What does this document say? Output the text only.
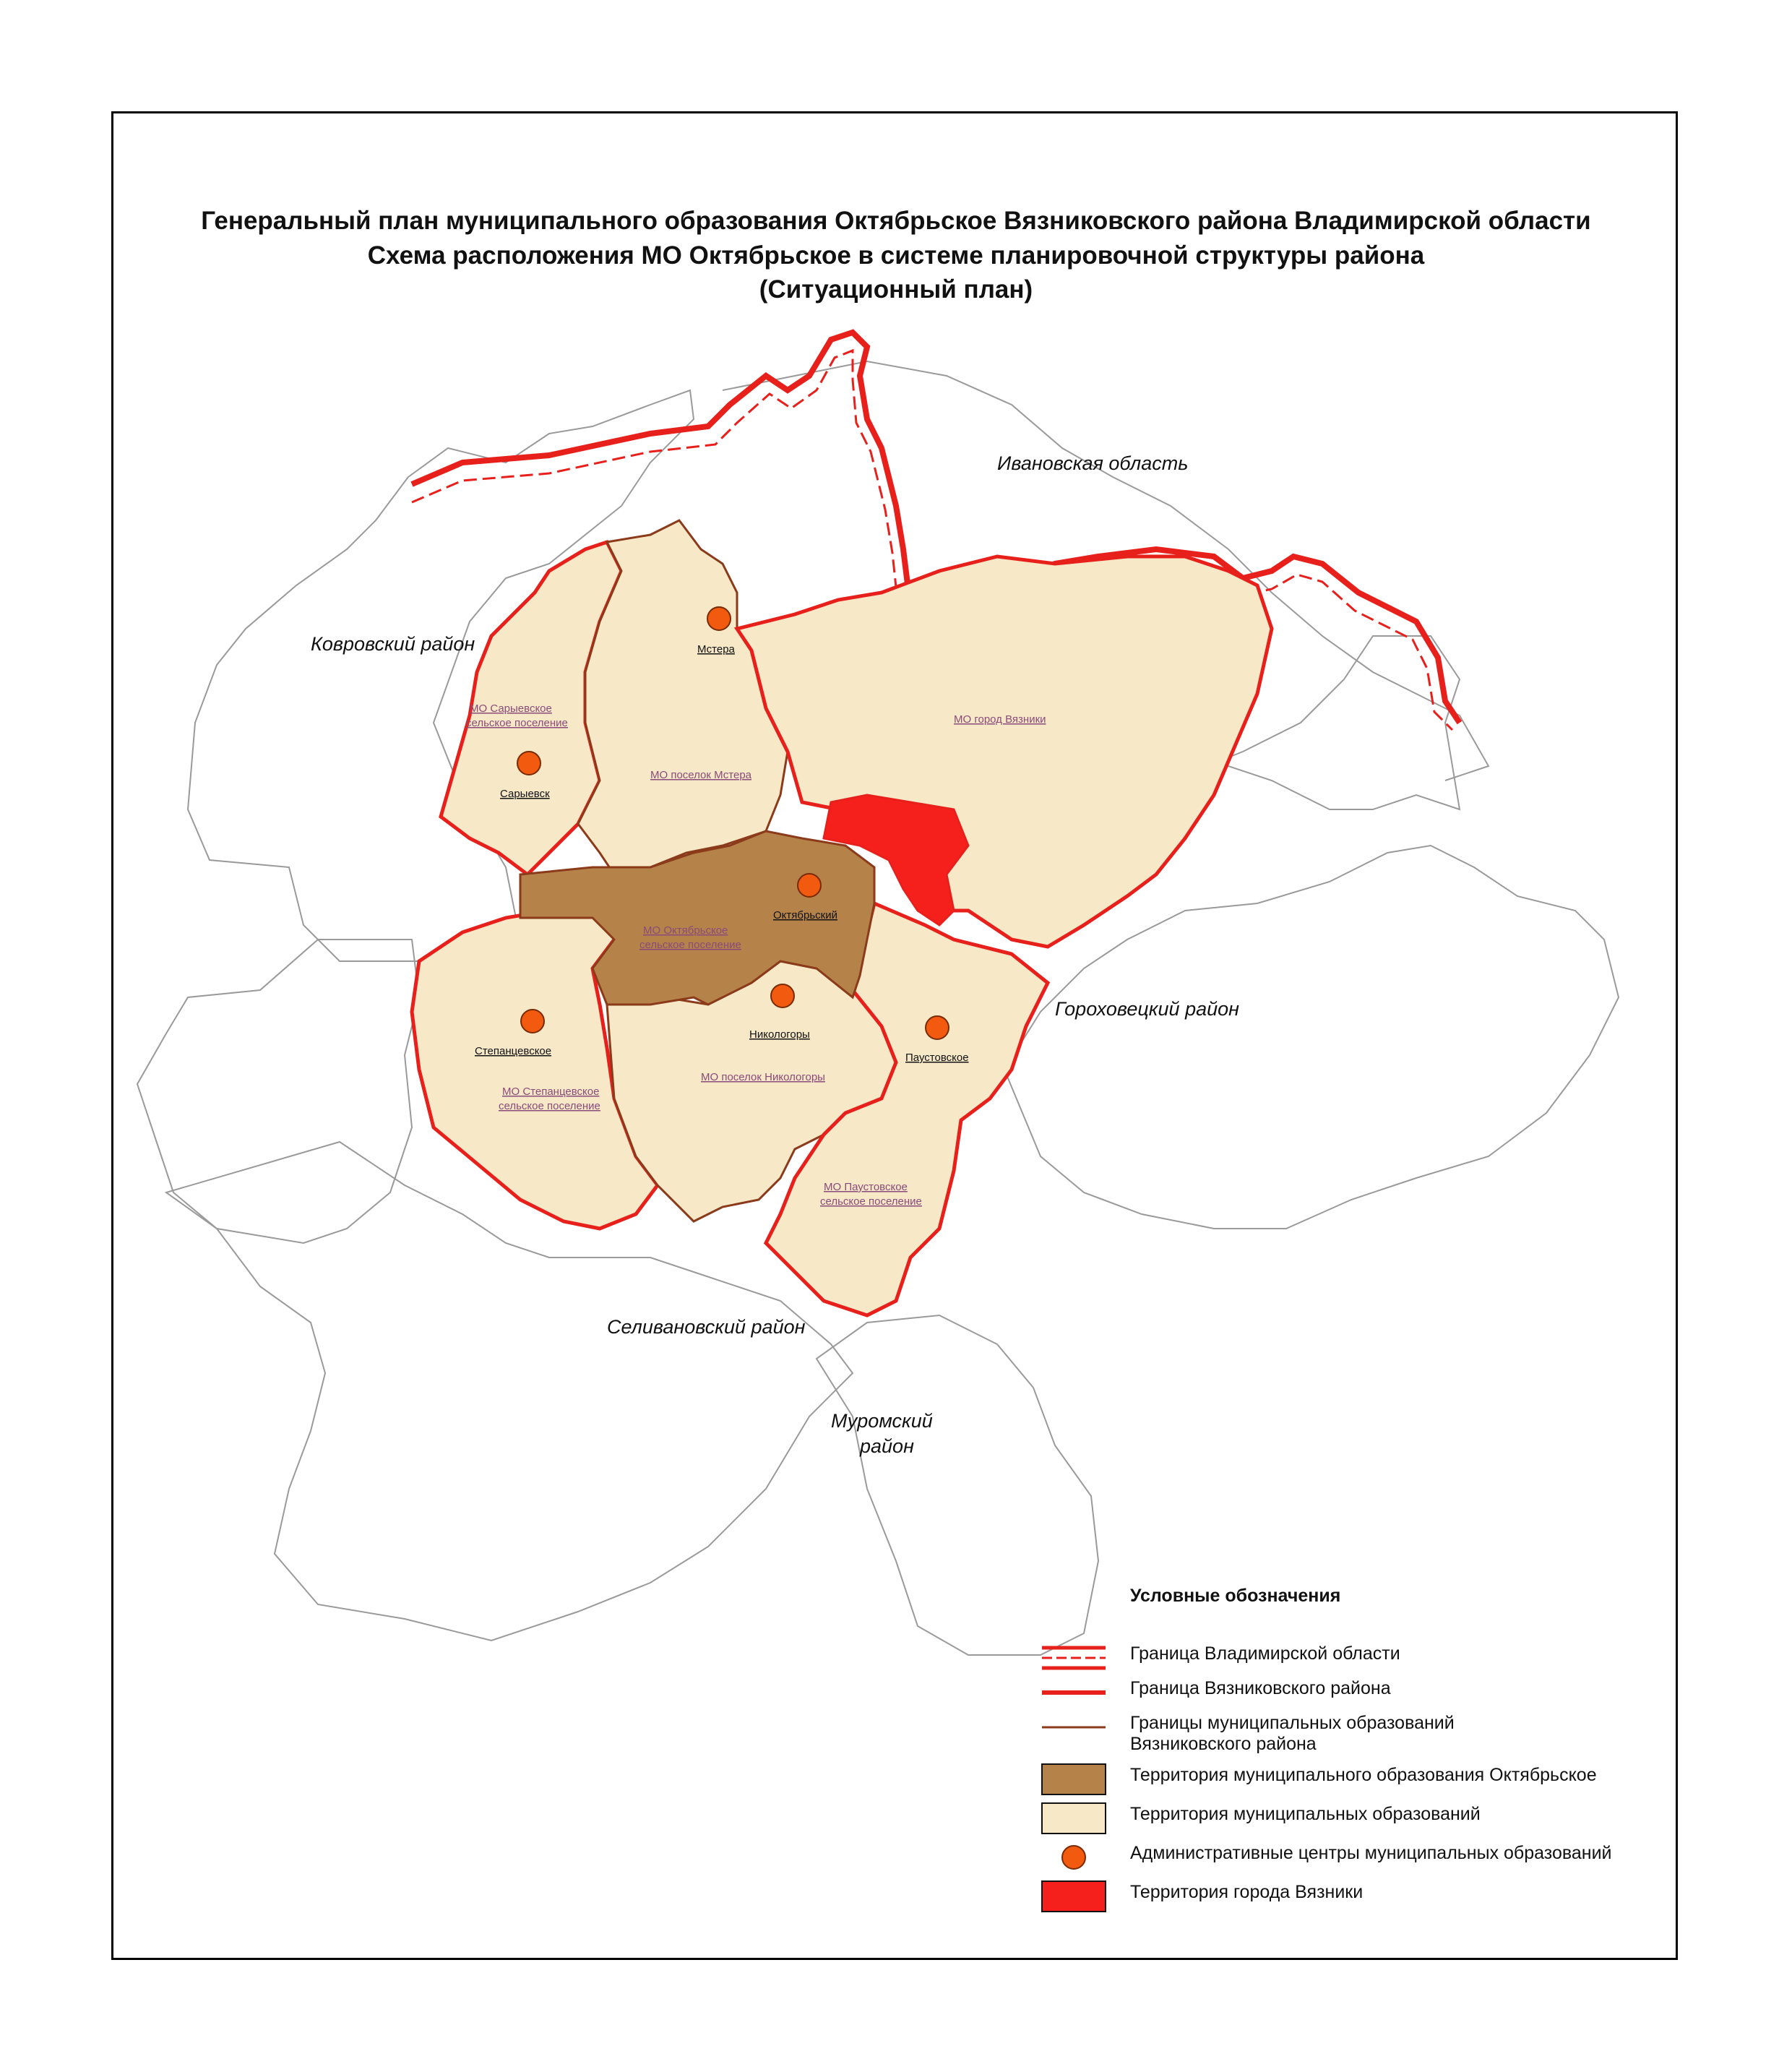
Генеральный план муниципального образования Октябрьское Вязниковского района Владимирской области
Схема расположения МО Октябрьское в системе планировочной структуры района
(Ситуационный план)
Ивановская область
Ковровский район
Гороховецкий район
Селивановский район
Муромский
район
МО Сарыевское
сельское поселение
МО поселок Мстера
МО город Вязники
МО Октябрьское
сельское поселение
МО поселок Никологоры
МО Степанцевское
сельское поселение
МО Паустовское
сельское поселение
Мстера
Сарыевск
Октябрьский
Никологоры
Степанцевское
Паустовское
Условные обозначения
Граница Владимирской области
Граница Вязниковского района
Границы муниципальных образований
Вязниковского района
Территория муниципального образования Октябрьское
Территория муниципальных образований
Административные центры муниципальных образований
Территория города Вязники
